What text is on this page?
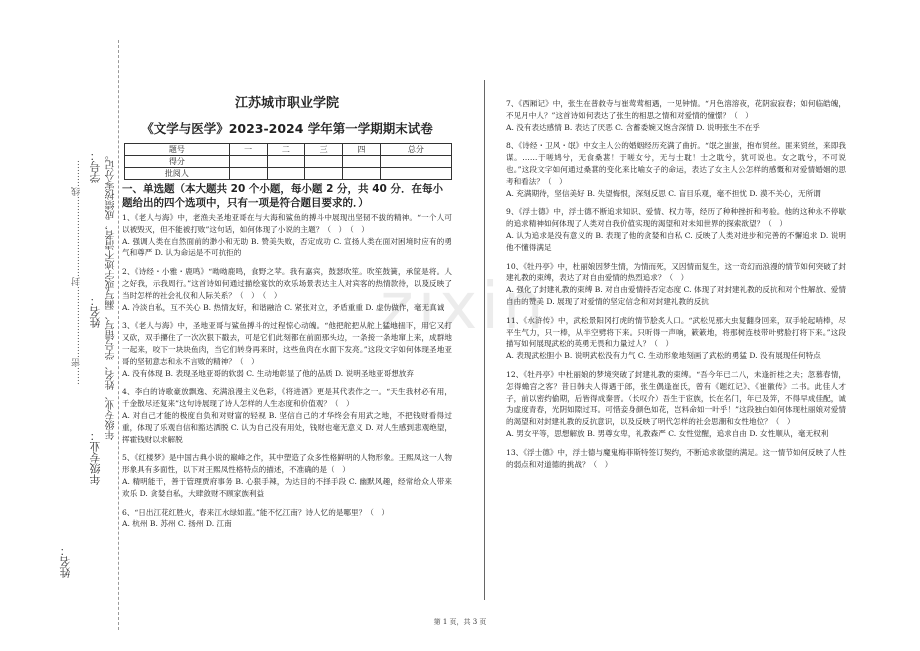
学号：
姓名：
年级专业：
年级专业、姓名、学号错写、漏写或字迹不清者，成绩按零分记。
……密……………………封………………………线………
姓名：
zixin
江苏城市职业学院
《文学与医学》2023-2024 学年第一学期期末试卷
题号	一	二	三	四	总分
得分					
批阅人					
一、单选题（本大题共 20 个小题，每小题 2 分，共 40 分．在每小题给出的四个选项中，只有一项是符合题目要求的．）
1、《老人与海》中，老渔夫圣地亚哥在与大海和鲨鱼的搏斗中展现出坚韧不拔的精神。“一个人可以被毁灭，但不能被打败”这句话，如何体现了小说的主题？（　）　（　）
A. 强调人类在自然面前的渺小和无助 B. 赞美失败，否定成功 C. 宣扬人类在面对困境时应有的勇气和尊严 D. 认为命运是不可抗拒的
2、《诗经・小雅・鹿鸣》“呦呦鹿鸣，食野之苹。我有嘉宾，鼓瑟吹笙。吹笙鼓簧，承筐是将。人之好我，示我周行。”这首诗如何通过描绘宴饮的欢乐场景表达主人对宾客的热情款待，以及反映了当时怎样的社会礼仪和人际关系？（　）　（　）
A. 冷淡自私，互不关心 B. 热情友好，和谐融洽 C. 紧张对立，矛盾重重 D. 虚伪做作，毫无真诚
3、《老人与海》中，圣地亚哥与鲨鱼搏斗的过程惊心动魄。“他把舵把从舵上猛地扭下，用它又打又砍，双手攥住了一次次狠下戳去，可是它们此刻都在前面那头边，一条接一条地窜上来，成群地一起来，咬下一块块鱼肉，当它们转身再来时，这些鱼肉在水面下发亮。”这段文字如何体现圣地亚哥的坚韧意志和永不言败的精神？（　）
A. 没有体现 B. 表现圣地亚哥的软弱 C. 生动地彰显了他的品质 D. 说明圣地亚哥想放弃
4、李白的诗歌豪放飘逸、充满浪漫主义色彩，《将进酒》更是其代表作之一。“天生我材必有用，千金散尽还复来”这句诗展现了诗人怎样的人生态度和价值观？（　）
A. 对自己才能的极度自负和对财富的轻视 B. 坚信自己的才华终会有用武之地，不把钱财看得过重，体现了乐观自信和豁达洒脱 C. 认为自己没有用处，钱财也毫无意义 D. 对人生感到悲观绝望，挥霍钱财以求解脱
5、《红楼梦》是中国古典小说的巅峰之作，其中塑造了众多性格鲜明的人物形象。王熙凤这一人物形象具有多面性，以下对王熙凤性格特点的描述，不准确的是（　）
A. 精明能干，善于管理贾府事务 B. 心狠手辣，为达目的不择手段 C. 幽默风趣，经常给众人带来欢乐 D. 贪婪自私，大肆敛财不顾家族利益
6、“日出江花红胜火，春来江水绿如蓝。”能不忆江南？诗人忆的是哪里？（　）
A. 杭州 B. 苏州 C. 扬州 D. 江南
7、《西厢记》中，张生在普救寺与崔莺莺相遇，一见钟情。“月色溶溶夜，花阴寂寂春；如何临皓魄，不见月中人？”这首诗如何表达了张生的相思之情和对爱情的憧憬？（　）
A. 没有表达感情 B. 表达了厌恶 C. 含蓄委婉又饱含深情 D. 说明张生不在乎
8、《诗经・卫风・氓》中女主人公的婚姻经历充满了曲折。“氓之蚩蚩，抱布贸丝。匪来贸丝，来即我谋。……于嗟鸠兮，无食桑葚！于嗟女兮，无与士耽！士之耽兮，犹可说也。女之耽兮，不可说也。”这段文字如何通过桑葚的变化来比喻女子的命运，表达了女主人公怎样的感慨和对爱情婚姻的思考和看法？（　）
A. 充满期待，坚信美好 B. 失望悔恨，深刻反思 C. 盲目乐观，毫不担忧 D. 漠不关心，无所谓
9、《浮士德》中，浮士德不断追求知识、爱情、权力等，经历了种种挫折和考验。他的这种永不停歇的追求精神如何体现了人类对自我价值实现的渴望和对未知世界的探索欲望？（　）
A. 认为追求是没有意义的 B. 表现了他的贪婪和自私 C. 反映了人类对进步和完善的不懈追求 D. 说明他不懂得满足
10、《牡丹亭》中，杜丽娘因梦生情，为情而死，又因情而复生，这一奇幻而浪漫的情节如何突破了封建礼教的束缚，表达了对自由爱情的热烈追求？（　）
A. 强化了封建礼教的束缚 B. 对自由爱情持否定态度 C. 体现了对封建礼教的反抗和对个性解放、爱情自由的赞美 D. 展现了对爱情的坚定信念和对封建礼教的反抗
11、《水浒传》中，武松景阳冈打虎的情节脍炙人口。“武松见那大虫复翻身回来，双手轮起哨棒，尽平生气力，只一棒，从半空劈将下来。只听得一声响，簌簌地，将那树连枝带叶劈脸打将下来。”这段描写如何展现武松的英勇无畏和力量过人？（　）
A. 表现武松胆小 B. 说明武松没有力气 C. 生动形象地刻画了武松的勇猛 D. 没有展现任何特点
12、《牡丹亭》中杜丽娘的梦境突破了封建礼教的束缚。“吾今年已二八，未逢折桂之夫；忽慕春情，怎得蟾宫之客？昔日韩夫人得遇于郎，张生偶逢崔氏，曾有《题红记》、《崔徽传》二书。此佳人才子，前以密约偷期，后皆得成秦晋。（长叹介）吾生于宦族，长在名门，年已及笄，不得早成佳配，诚为虚度青春，光阴如隙过耳。可惜妾身颜色如花，岂料命如一叶乎！”这段独白如何体现杜丽娘对爱情的渴望和对封建礼教的反抗意识，以及反映了明代怎样的社会思潮和女性地位？（　）
A. 男女平等，思想解放 B. 男尊女卑，礼教森严 C. 女性觉醒，追求自由 D. 女性顺从，毫无权利
13、《浮士德》中，浮士德与魔鬼梅菲斯特签订契约，不断追求欲望的满足。这一情节如何反映了人性的弱点和对道德的挑战？（　）
第 1 页，共 3 页
